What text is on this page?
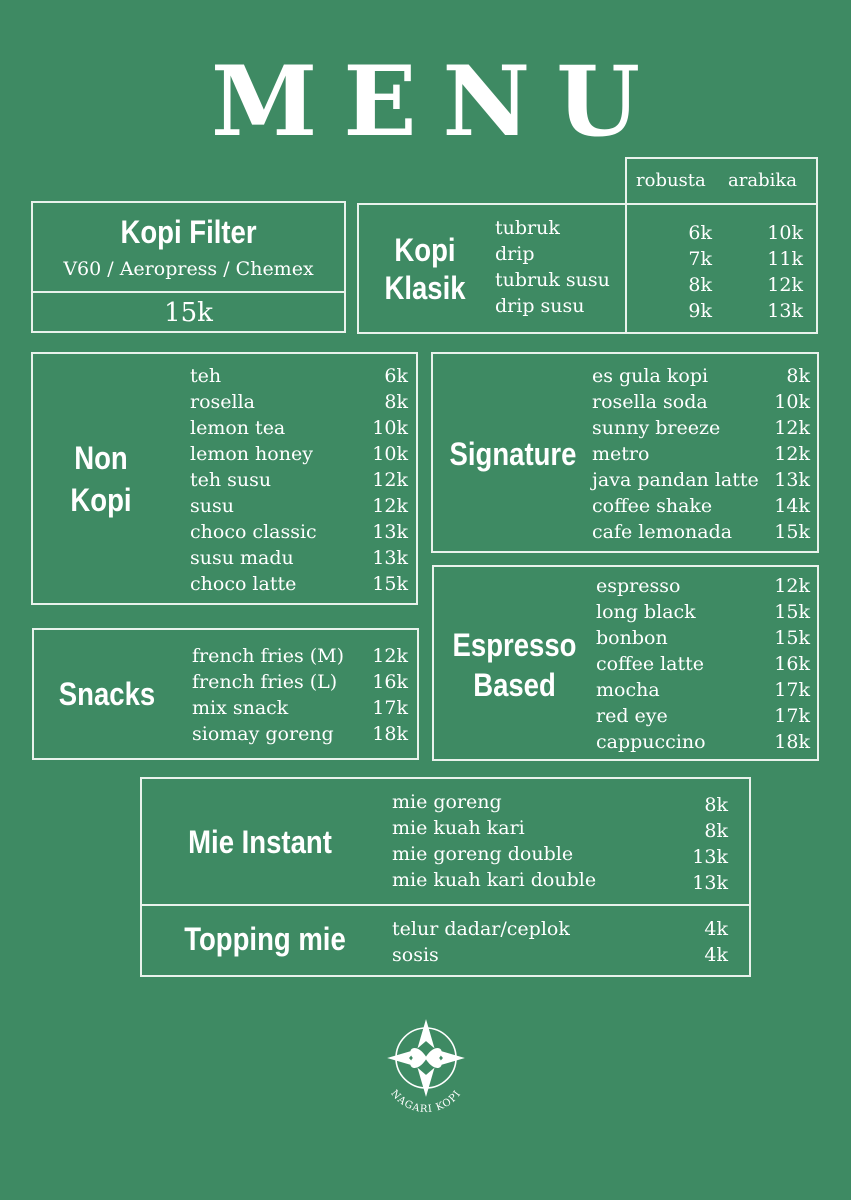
MENU
Kopi Filter
V60 / Aeropress / Chemex
15k
robusta arabika
Kopi
Klasik
tubruk
drip
tubruk susu
drip susu
6k
7k
8k
9k
10k
11k
12k
13k
Non
Kopi
teh
rosella
lemon tea
lemon honey
teh susu
susu
choco classic
susu madu
choco latte
6k
8k
10k
10k
12k
12k
13k
13k
15k
Signature
es gula kopi
rosella soda
sunny breeze
metro
java pandan latte
coffee shake
cafe lemonada
8k
10k
12k
12k
13k
14k
15k
Snacks
french fries (M)
french fries (L)
mix snack
siomay goreng
12k
16k
17k
18k
Espresso
Based
espresso
long black
bonbon
coffee latte
mocha
red eye
cappuccino
12k
15k
15k
16k
17k
17k
18k
Mie Instant
mie goreng
mie kuah kari
mie goreng double
mie kuah kari double
8k
8k
13k
13k
Topping mie	telur dadar/ceplok
sosis
4k
4k
NAGARI KOPI
